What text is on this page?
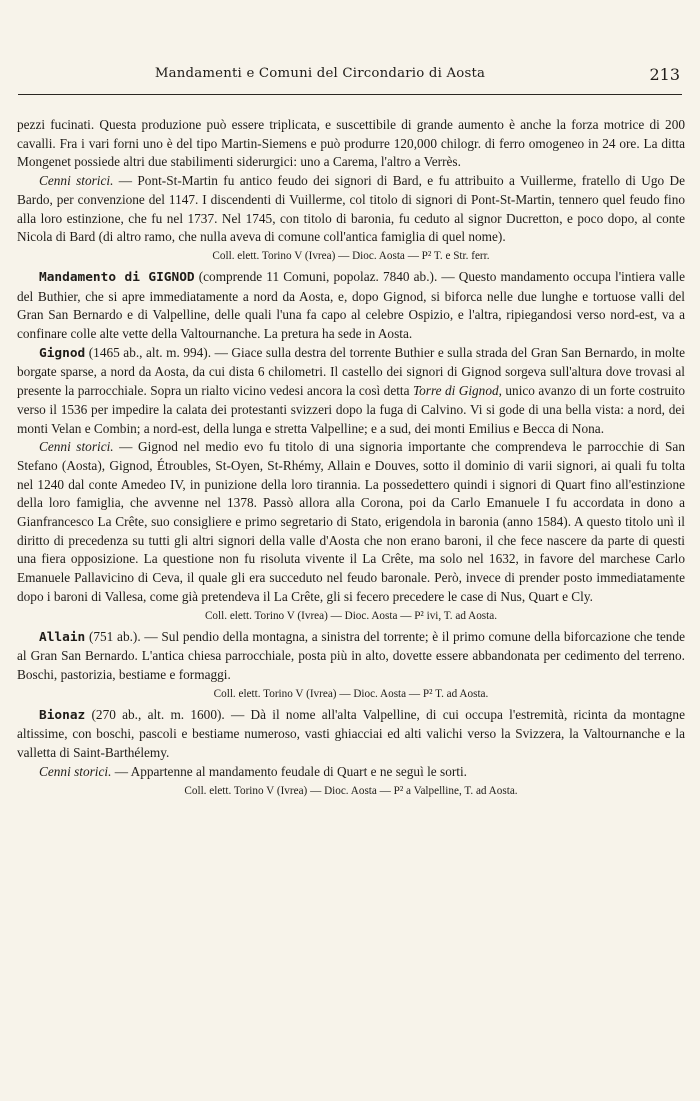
Mandamenti e Comuni del Circondario di Aosta	213

pezzi fucinati. Questa produzione può essere triplicata, e suscettibile di grande aumento è anche la forza motrice di 200 cavalli. Fra i vari forni uno è del tipo Martin-Siemens e può produrre 120,000 chilogr. di ferro omogeneo in 24 ore. La ditta Mongenet possiede altri due stabilimenti siderurgici: uno a Carema, l'altro a Verrès.

Cenni storici. — Pont-St-Martin fu antico feudo dei signori di Bard, e fu attribuito a Vuillerme, fratello di Ugo De Bardo, per convenzione del 1147. I discendenti di Vuillerme, col titolo di signori di Pont-St-Martin, tennero quel feudo fino alla loro estinzione, che fu nel 1737. Nel 1745, con titolo di baronia, fu ceduto al signor Ducretton, e poco dopo, al conte Nicola di Bard (di altro ramo, che nulla aveva di comune coll'antica famiglia di quel nome).

Coll. elett. Torino V (Ivrea) — Dioc. Aosta — P² T. e Str. ferr.

Mandamento di GIGNOD (comprende 11 Comuni, popolaz. 7840 ab.). — Questo mandamento occupa l'intiera valle del Buthier, che si apre immediatamente a nord da Aosta, e, dopo Gignod, si biforca nelle due lunghe e tortuose valli del Gran San Bernardo e di Valpelline, delle quali l'una fa capo al celebre Ospizio, e l'altra, ripiegandosi verso nord-est, va a confinare colle alte vette della Valtournanche. La pretura ha sede in Aosta.

Gignod (1465 ab., alt. m. 994). — Giace sulla destra del torrente Buthier e sulla strada del Gran San Bernardo, in molte borgate sparse, a nord da Aosta, da cui dista 6 chilometri. Il castello dei signori di Gignod sorgeva sull'altura dove trovasi al presente la parrocchiale. Sopra un rialto vicino vedesi ancora la così detta Torre di Gignod, unico avanzo di un forte costruito verso il 1536 per impedire la calata dei protestanti svizzeri dopo la fuga di Calvino. Vi si gode di una bella vista: a nord, dei monti Velan e Combin; a nord-est, della lunga e stretta Valpelline; e a sud, dei monti Emilius e Becca di Nona.

Cenni storici. — Gignod nel medio evo fu titolo di una signoria importante che comprendeva le parrocchie di San Stefano (Aosta), Gignod, Étroubles, St-Oyen, St-Rhémy, Allain e Douves, sotto il dominio di varii signori, ai quali fu tolta nel 1240 dal conte Amedeo IV, in punizione della loro tirannia. La possedettero quindi i signori di Quart fino all'estinzione della loro famiglia, che avvenne nel 1378. Passò allora alla Corona, poi da Carlo Emanuele I fu accordata in dono a Gianfrancesco La Crête, suo consigliere e primo segretario di Stato, erigendola in baronia (anno 1584). A questo titolo unì il diritto di precedenza su tutti gli altri signori della valle d'Aosta che non erano baroni, il che fece nascere da parte di questi una fiera opposizione. La questione non fu risoluta vivente il La Crête, ma solo nel 1632, in favore del marchese Carlo Emanuele Pallavicino di Ceva, il quale gli era succeduto nel feudo baronale. Però, invece di prender posto immediatamente dopo i baroni di Vallesa, come già pretendeva il La Crête, gli si fecero precedere le case di Nus, Quart e Cly.

Coll. elett. Torino V (Ivrea) — Dioc. Aosta — P² ivi, T. ad Aosta.

Allain (751 ab.). — Sul pendio della montagna, a sinistra del torrente; è il primo comune della biforcazione che tende al Gran San Bernardo. L'antica chiesa parrocchiale, posta più in alto, dovette essere abbandonata per cedimento del terreno. Boschi, pastorizia, bestiame e formaggi.

Coll. elett. Torino V (Ivrea) — Dioc. Aosta — P² T. ad Aosta.

Bionaz (270 ab., alt. m. 1600). — Dà il nome all'alta Valpelline, di cui occupa l'estremità, ricinta da montagne altissime, con boschi, pascoli e bestiame numeroso, vasti ghiacciai ed alti valichi verso la Svizzera, la Valtournanche e la valletta di Saint-Barthélemy.

Cenni storici. — Appartenne al mandamento feudale di Quart e ne seguì le sorti.

Coll. elett. Torino V (Ivrea) — Dioc. Aosta — P² a Valpelline, T. ad Aosta.
